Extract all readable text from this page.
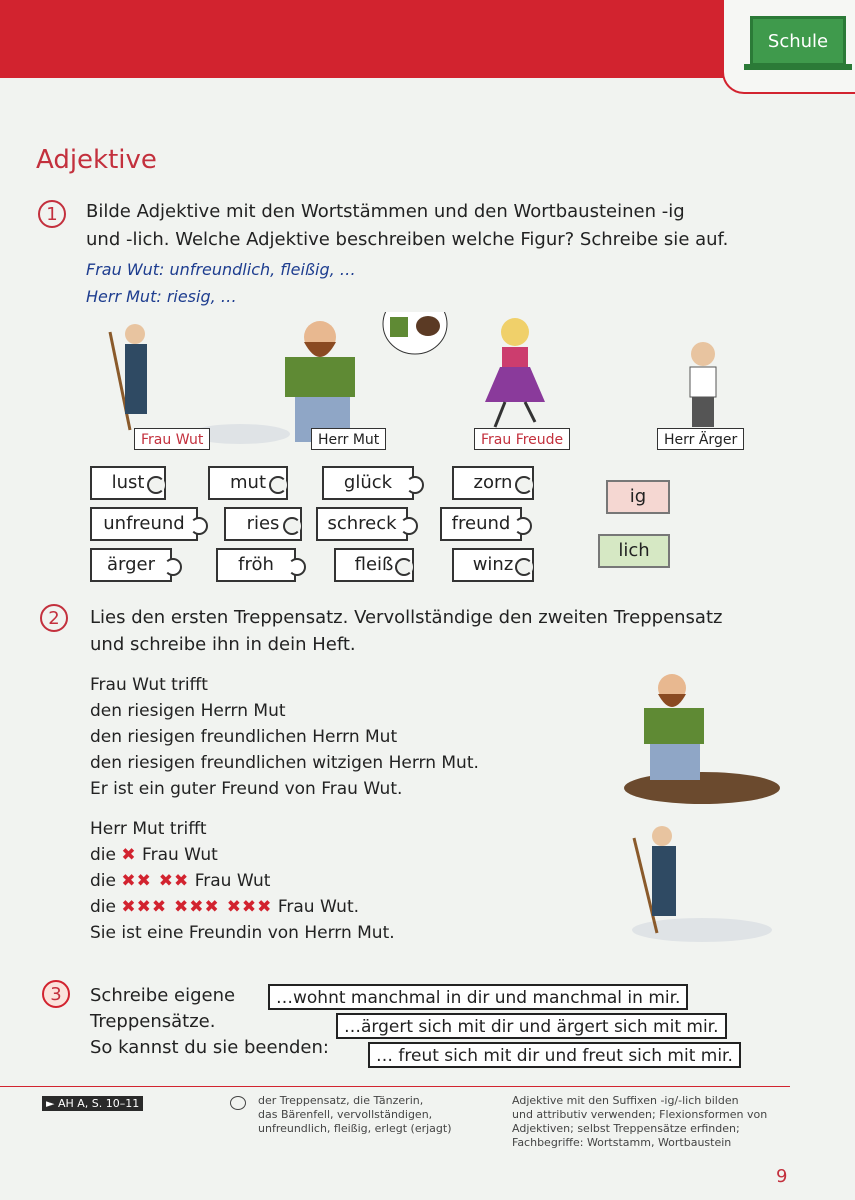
Schule
Adjektive
1	Bilde Adjektive mit den Wortstämmen und den Wortbausteinen -ig
und -lich. Welche Adjektive beschreiben welche Figur? Schreibe sie auf.
Frau Wut: unfreundlich, fleißig, …
Herr Mut: riesig, …
Frau Wut	Herr Mut	Frau Freude	Herr Ärger
lust	mut	glück	zorn
unfreund	ries	schreck	freund
ärger	fröh	fleiß	winz
ig
lich
2	Lies den ersten Treppensatz. Vervollständige den zweiten Treppensatz
und schreibe ihn in dein Heft.
Frau Wut trifft
den riesigen Herrn Mut
den riesigen freundlichen Herrn Mut
den riesigen freundlichen witzigen Herrn Mut.
Er ist ein guter Freund von Frau Wut.
Herr Mut trifft
die ✖ Frau Wut
die ✖✖ ✖✖ Frau Wut
die ✖✖✖ ✖✖✖ ✖✖✖ Frau Wut.
Sie ist eine Freundin von Herrn Mut.
3	Schreibe eigene
Treppensätze.
So kannst du sie beenden:
…wohnt manchmal in dir und manchmal in mir.
…ärgert sich mit dir und ärgert sich mit mir.
… freut sich mit dir und freut sich mit mir.
► AH A, S. 10–11	der Treppensatz, die Tänzerin,
das Bärenfell, vervollständigen,
unfreundlich, fleißig, erlegt (erjagt)
Adjektive mit den Suffixen -ig/-lich bilden
und attributiv verwenden; Flexionsformen von
Adjektiven; selbst Treppensätze erfinden;
Fachbegriffe: Wortstamm, Wortbaustein
9
